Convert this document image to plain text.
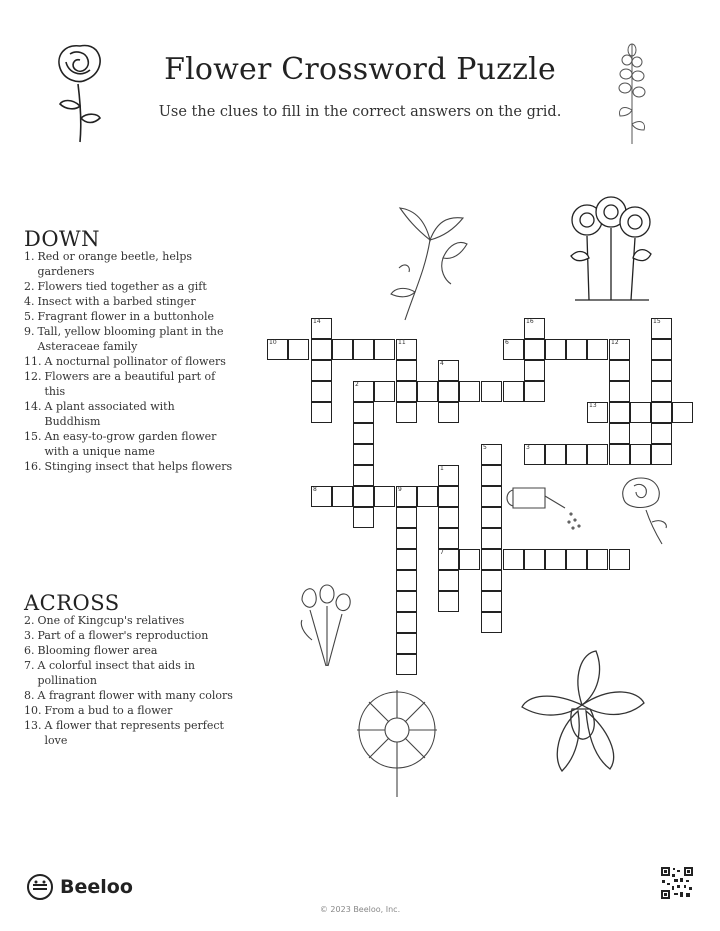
Flower Crossword Puzzle
Use the clues to fill in the correct answers on the grid.
DOWN
1. Red or orange beetle, helps gardeners
2. Flowers tied together as a gift
4. Insect with a barbed stinger
5. Fragrant flower in a buttonhole
9. Tall, yellow blooming plant in the Asteraceae family
11. A nocturnal pollinator of flowers
12. Flowers are a beautiful part of this
14. A plant associated with Buddhism
15. An easy-to-grow garden flower with a unique name
16. Stinging insect that helps flowers
ACROSS
2. One of Kingcup's relatives
3. Part of a flower's reproduction
6. Blooming flower area
7. A colorful insect that aids in pollination
8. A fragrant flower with many colors
10. From a bud to a flower
13. A flower that represents perfect love
14	16	15
10	11	6	12
4
2
13
5	3
1
8	9
7
Beeloo
© 2023 Beeloo, Inc.
